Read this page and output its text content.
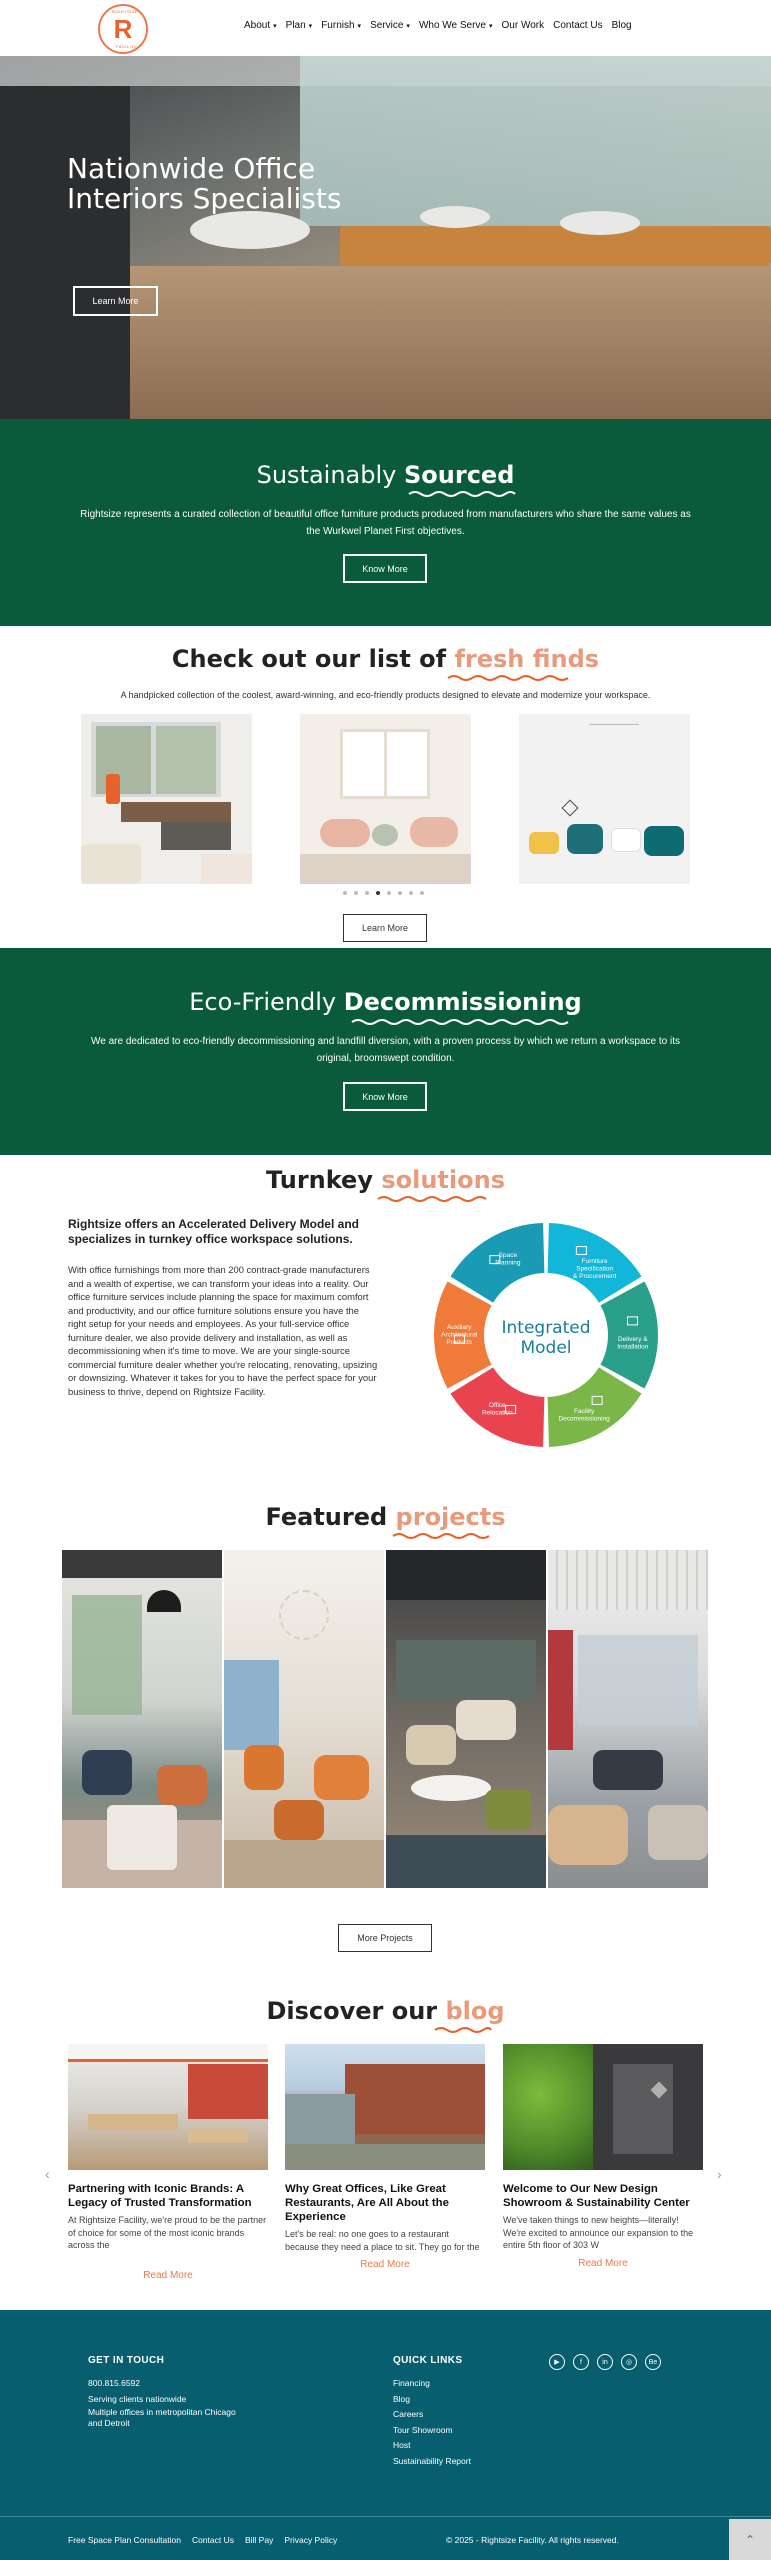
RIGHTSIZE
R
FACILITY
About ▾ Plan ▾ Furnish ▾ Service ▾ Who We Serve ▾ Our Work Contact Us Blog
Nationwide Office Interiors Specialists
Learn More
Sustainably Sourced

Rightsize represents a curated collection of beautiful office furniture products produced from manufacturers who share the same values as the Wurkwel Planet First objectives.

Know More
Check out our list of fresh finds

A handpicked collection of the coolest, award-winning, and eco-friendly products designed to elevate and modernize your workspace.

Learn More
Eco-Friendly Decommissioning

We are dedicated to eco-friendly decommissioning and landfill diversion, with a proven process by which we return a workspace to its original, broomswept condition.

Know More
Turnkey solutions

Rightsize offers an Accelerated Delivery Model and specializes in turnkey office workspace solutions.

With office furnishings from more than 200 contract-grade manufacturers and a wealth of expertise, we can transform your ideas into a reality. Our office furniture services include planning the space for maximum comfort and productivity, and our office furniture solutions ensure you have the right setup for your needs and employees. As your full-service office furniture dealer, we also provide delivery and installation, as well as decommissioning when it's time to move. We are your single-source commercial furniture dealer whether you're relocating, renovating, upsizing or downsizing. Whatever it takes for you to have the perfect space for your business to thrive, depend on Rightsize Facility.

Space Planning	Furniture Specification & Procurement
Delivery & Installation
Facility Decommissioning
Office Relocation
Auxiliary Architectural Products
Integrated
Model
Featured projects
More Projects
Discover our blog
‹	›
Partnering with Iconic Brands: A Legacy of Trusted Transformation
At Rightsize Facility, we're proud to be the partner of choice for some of the most iconic brands across the
Read More
Why Great Offices, Like Great Restaurants, Are All About the Experience
Let's be real: no one goes to a restaurant because they need a place to sit. They go for the
Read More
Welcome to Our New Design Showroom & Sustainability Center
We've taken things to new heights—literally! We're excited to announce our expansion to the entire 5th floor of 303 W
Read More
GET IN TOUCH
800.815.6592
Serving clients nationwide
Multiple offices in metropolitan Chicago and Detroit
QUICK LINKS
Financing
Blog
Careers
Tour Showroom
Host
Sustainability Report
▶	f	in	◎	Be
Free Space Plan Consultation Contact Us Bill Pay Privacy Policy	© 2025 - Rightsize Facility. All rights reserved.	⌃
